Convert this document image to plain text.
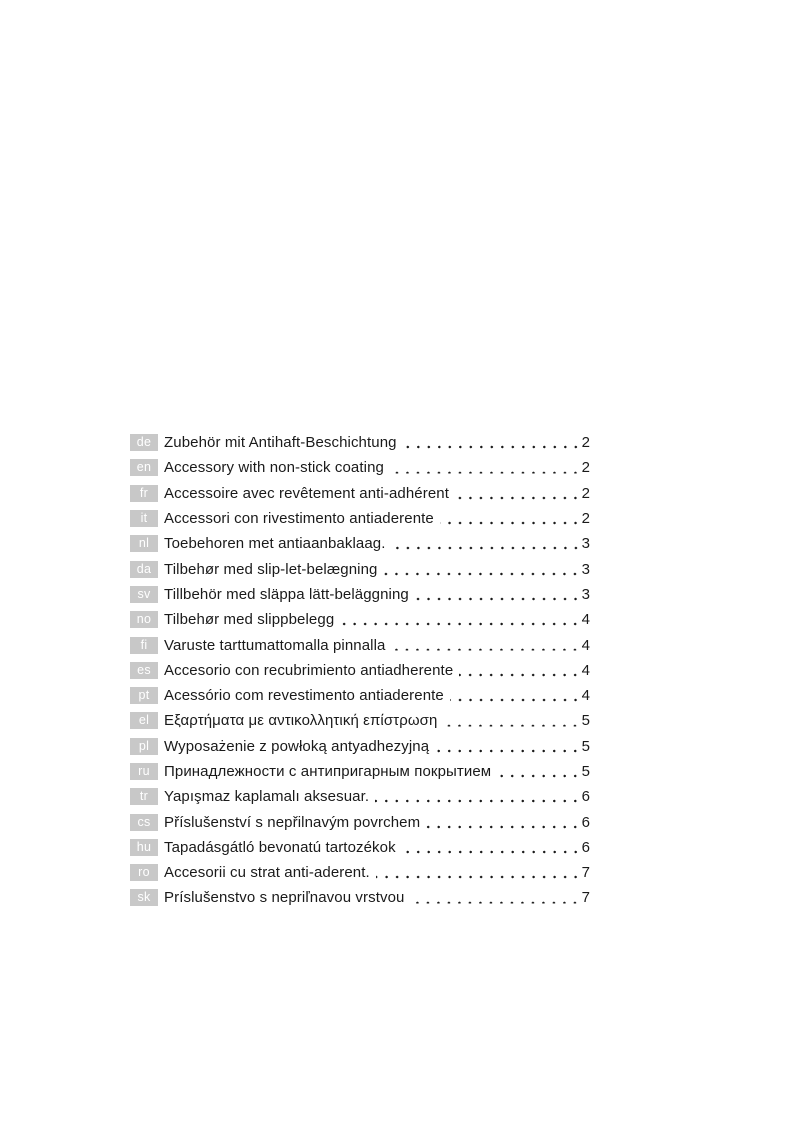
de Zubehör mit Antihaft-Beschichtung	2
en Accessory with non-stick coating	2
fr	Accessoire avec revêtement anti-adhérent	2
it	Accessori con rivestimento antiaderente	2
nl Toebehoren met antiaanbaklaag.	3
da Tilbehør med slip-let-belægning	3
sv Tillbehör med släppa lätt-beläggning	3
no Tilbehør med slippbelegg	4
fi	Varuste tarttumattomalla pinnalla	4
es Accesorio con recubrimiento antiadherente	4
pt Acessório com revestimento antiaderente	4
el Εξαρτήματα με αντικολλητική επίστρωση	5
pl Wyposażenie z powłoką antyadhezyjną	5
ru Принадлежности с антипригарным покрытием	5
tr	Yapışmaz kaplamalı aksesuar.	6
cs Příslušenství s nepřilnavým povrchem	6
hu Tapadásgátló bevonatú tartozékok	6
ro Accesorii cu strat anti-aderent.	7
sk Príslušenstvo s nepriľnavou vrstvou	7
